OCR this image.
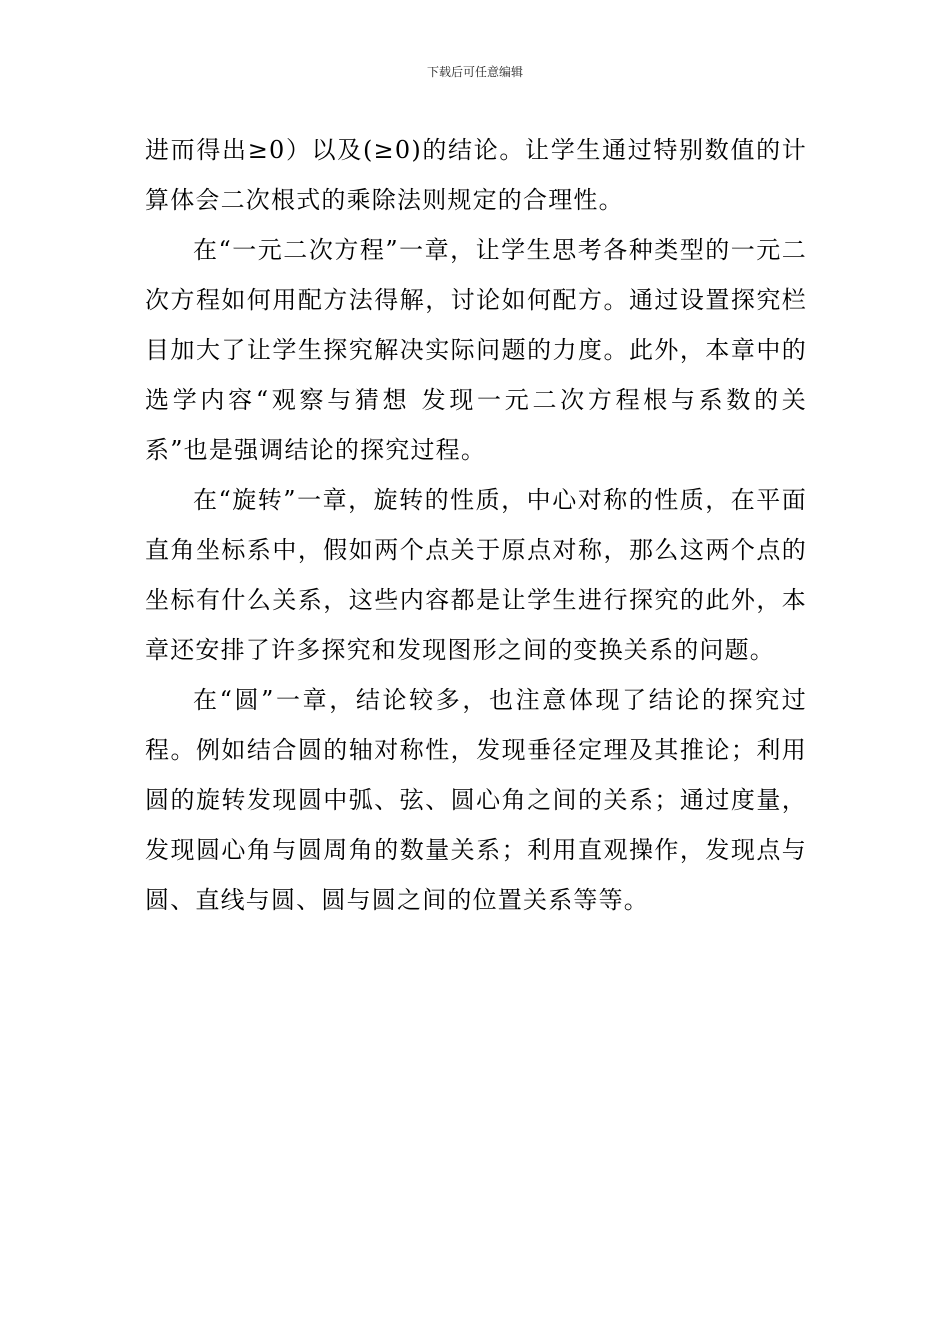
下载后可任意编辑

进而得出≥0）以及(≥0)的结论。让学生通过特别数值的计算体会二次根式的乘除法则规定的合理性。

在“一元二次方程”一章，让学生思考各种类型的一元二次方程如何用配方法得解，讨论如何配方。通过设置探究栏目加大了让学生探究解决实际问题的力度。此外，本章中的选学内容“观察与猜想 发现一元二次方程根与系数的关系”也是强调结论的探究过程。

在“旋转”一章，旋转的性质，中心对称的性质，在平面直角坐标系中，假如两个点关于原点对称，那么这两个点的坐标有什么关系，这些内容都是让学生进行探究的此外，本章还安排了许多探究和发现图形之间的变换关系的问题。

在“圆”一章，结论较多，也注意体现了结论的探究过程。例如结合圆的轴对称性，发现垂径定理及其推论；利用圆的旋转发现圆中弧、弦、圆心角之间的关系；通过度量，发现圆心角与圆周角的数量关系；利用直观操作，发现点与圆、直线与圆、圆与圆之间的位置关系等等。
